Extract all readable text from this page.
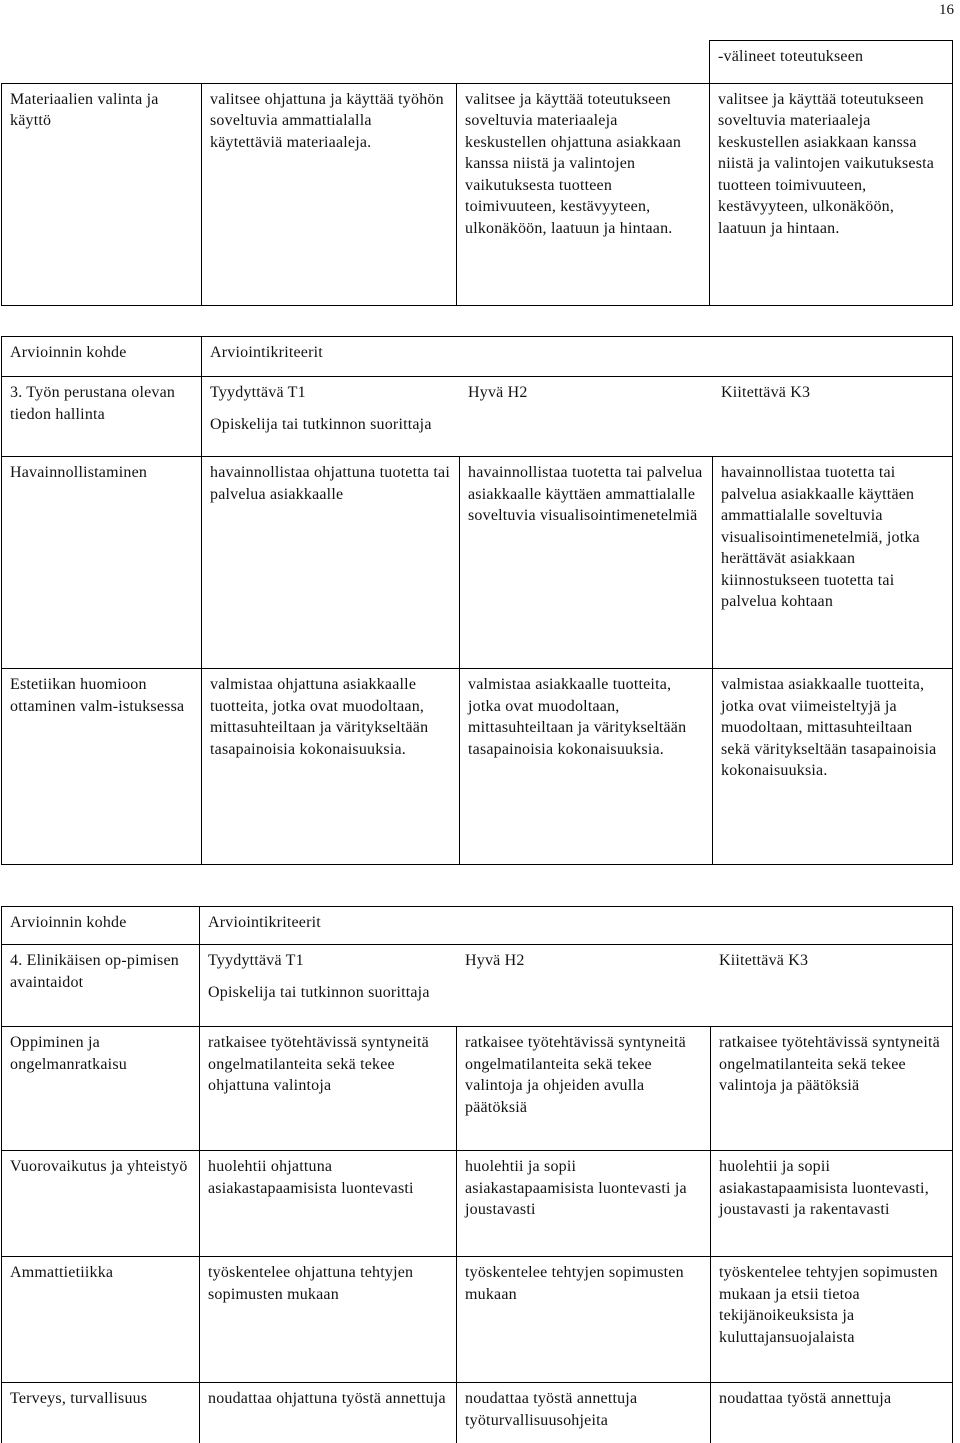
16
			-välineet toteutukseen
Materiaalien valinta ja käyttö	valitsee ohjattuna ja käyttää työhön soveltuvia ammattialalla käytettäviä materiaaleja.	valitsee ja käyttää toteutukseen soveltuvia materiaaleja keskustellen ohjattuna asiakkaan kanssa niistä ja valintojen vaikutuksesta tuotteen toimivuuteen, kestävyyteen, ulkonäköön, laatuun ja hintaan.	valitsee ja käyttää toteutukseen soveltuvia materiaaleja keskustellen asiakkaan kanssa niistä ja valintojen vaikutuksesta tuotteen toimivuuteen, kestävyyteen, ulkonäköön, laatuun ja hintaan.
Arvioinnin kohde	Arviointikriteerit		
3. Työn perustana olevan tiedon hallinta	Tyydyttävä T1 Hyvä H2 Kiitettävä K3
Opiskelija tai tutkinnon suorittaja		

Havainnollistaminen	havainnollistaa ohjattuna tuotetta tai palvelua asiakkaalle	havainnollistaa tuotetta tai palvelua asiakkaalle käyttäen ammattialalle soveltuvia visualisointimenetelmiä	havainnollistaa tuotetta tai palvelua asiakkaalle käyttäen ammattialalle soveltuvia visualisointimenetelmiä, jotka herättävät asiakkaan kiinnostukseen tuotetta tai palvelua kohtaan
Estetiikan huomioon ottaminen valm-istuksessa	valmistaa ohjattuna asiakkaalle tuotteita, jotka ovat muodoltaan, mittasuhteiltaan ja väritykseltään tasapainoisia kokonaisuuksia.	valmistaa asiakkaalle tuotteita, jotka ovat muodoltaan, mittasuhteiltaan ja väritykseltään tasapainoisia kokonaisuuksia.	valmistaa asiakkaalle tuotteita, jotka ovat viimeisteltyjä ja muodoltaan, mittasuhteiltaan sekä väritykseltään tasapainoisia kokonaisuuksia.
Arvioinnin kohde	Arviointikriteerit		
4. Elinikäisen op-pimisen avaintaidot	Tyydyttävä T1 Hyvä H2 Kiitettävä K3
Opiskelija tai tutkinnon suorittaja		

Oppiminen ja ongelmanratkaisu	ratkaisee työtehtävissä syntyneitä ongelmatilanteita sekä tekee ohjattuna valintoja	ratkaisee työtehtävissä syntyneitä ongelmatilanteita sekä tekee valintoja ja ohjeiden avulla päätöksiä	ratkaisee työtehtävissä syntyneitä ongelmatilanteita sekä tekee valintoja ja päätöksiä
Vuorovaikutus ja yhteistyö	huolehtii ohjattuna asiakastapaamisista luontevasti	huolehtii ja sopii asiakastapaamisista luontevasti ja joustavasti	huolehtii ja sopii asiakastapaamisista luontevasti, joustavasti ja rakentavasti
Ammattietiikka	työskentelee ohjattuna tehtyjen sopimusten mukaan	työskentelee tehtyjen sopimusten mukaan	työskentelee tehtyjen sopimusten mukaan ja etsii tietoa tekijänoikeuksista ja kuluttajansuojalaista
Terveys, turvallisuus	noudattaa ohjattuna työstä annettuja	noudattaa työstä annettuja työturvallisuusohjeita	noudattaa työstä annettuja
